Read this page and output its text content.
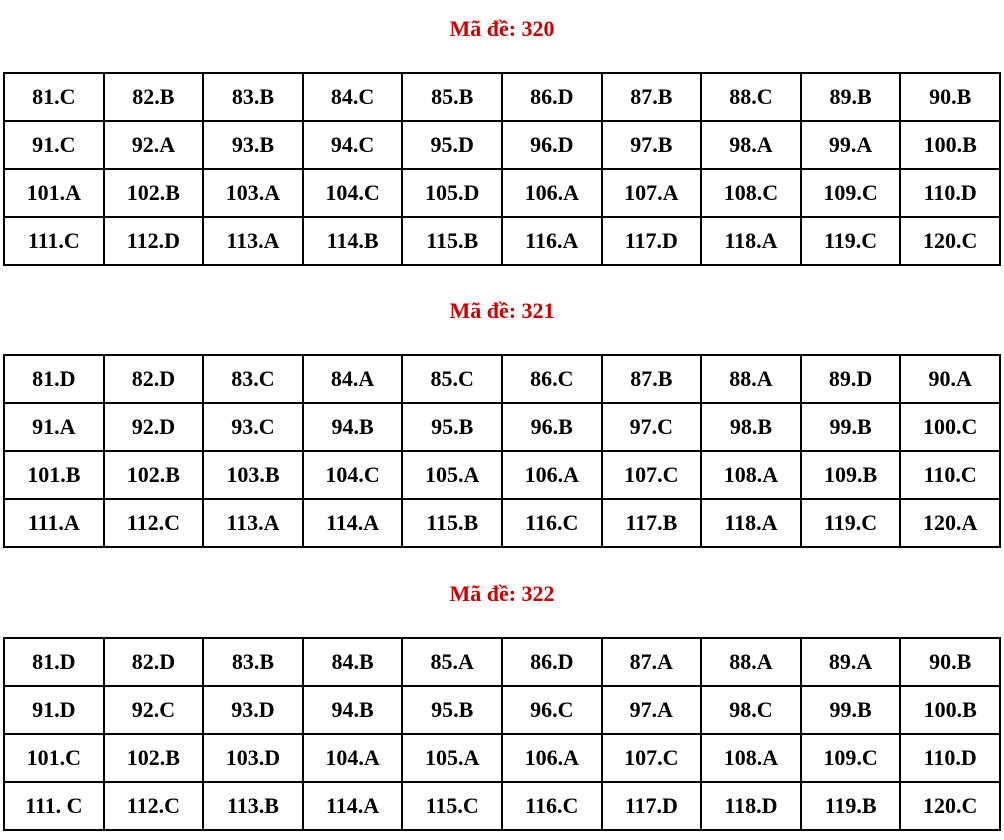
Mã đề: 320
81.C	82.B	83.B	84.C	85.B	86.D	87.B	88.C	89.B	90.B
91.C	92.A	93.B	94.C	95.D	96.D	97.B	98.A	99.A	100.B
101.A	102.B	103.A	104.C	105.D	106.A	107.A	108.C	109.C	110.D
111.C	112.D	113.A	114.B	115.B	116.A	117.D	118.A	119.C	120.C
Mã đề: 321
81.D	82.D	83.C	84.A	85.C	86.C	87.B	88.A	89.D	90.A
91.A	92.D	93.C	94.B	95.B	96.B	97.C	98.B	99.B	100.C
101.B	102.B	103.B	104.C	105.A	106.A	107.C	108.A	109.B	110.C
111.A	112.C	113.A	114.A	115.B	116.C	117.B	118.A	119.C	120.A
Mã đề: 322
81.D	82.D	83.B	84.B	85.A	86.D	87.A	88.A	89.A	90.B
91.D	92.C	93.D	94.B	95.B	96.C	97.A	98.C	99.B	100.B
101.C	102.B	103.D	104.A	105.A	106.A	107.C	108.A	109.C	110.D
111. C	112.C	113.B	114.A	115.C	116.C	117.D	118.D	119.B	120.C
